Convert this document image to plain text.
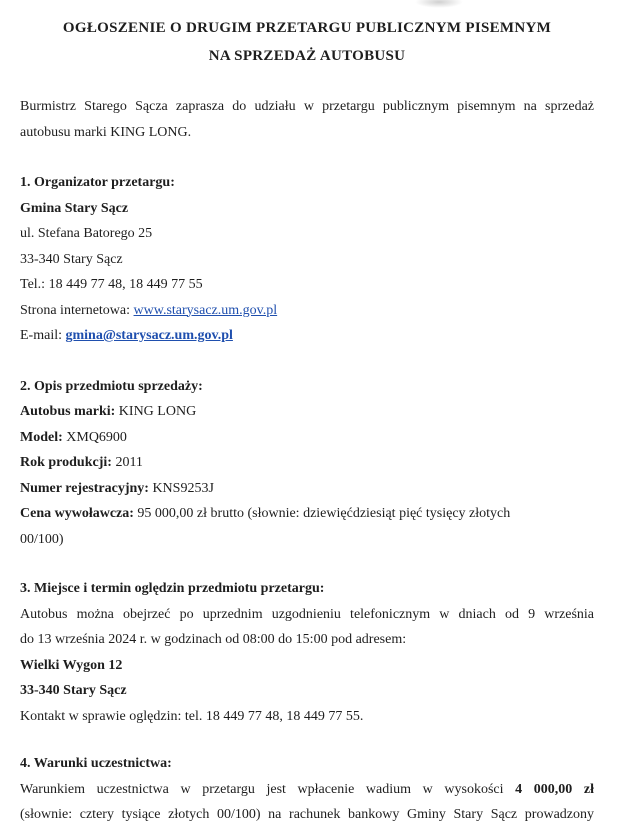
OGŁOSZENIE O DRUGIM PRZETARGU PUBLICZNYM PISEMNYM
NA SPRZEDAŻ AUTOBUSU
Burmistrz Starego Sącza zaprasza do udziału w przetargu publicznym pisemnym na sprzedaż
autobusu marki KING LONG.
1. Organizator przetargu:
Gmina Stary Sącz
ul. Stefana Batorego 25
33-340 Stary Sącz
Tel.: 18 449 77 48, 18 449 77 55
Strona internetowa: www.starysacz.um.gov.pl
E-mail: gmina@starysacz.um.gov.pl
2. Opis przedmiotu sprzedaży:
Autobus marki: KING LONG
Model: XMQ6900
Rok produkcji: 2011
Numer rejestracyjny: KNS9253J
Cena wywoławcza: 95 000,00 zł brutto (słownie: dziewięćdziesiąt pięć tysięcy złotych
00/100)
3. Miejsce i termin oględzin przedmiotu przetargu:
Autobus można obejrzeć po uprzednim uzgodnieniu telefonicznym w dniach od 9 września
do 13 września 2024 r. w godzinach od 08:00 do 15:00 pod adresem:
Wielki Wygon 12
33-340 Stary Sącz
Kontakt w sprawie oględzin: tel. 18 449 77 48, 18 449 77 55.
4. Warunki uczestnictwa:
Warunkiem uczestnictwa w przetargu jest wpłacenie wadium w wysokości 4 000,00 zł
(słownie: cztery tysiące złotych 00/100) na rachunek bankowy Gminy Stary Sącz prowadzony
